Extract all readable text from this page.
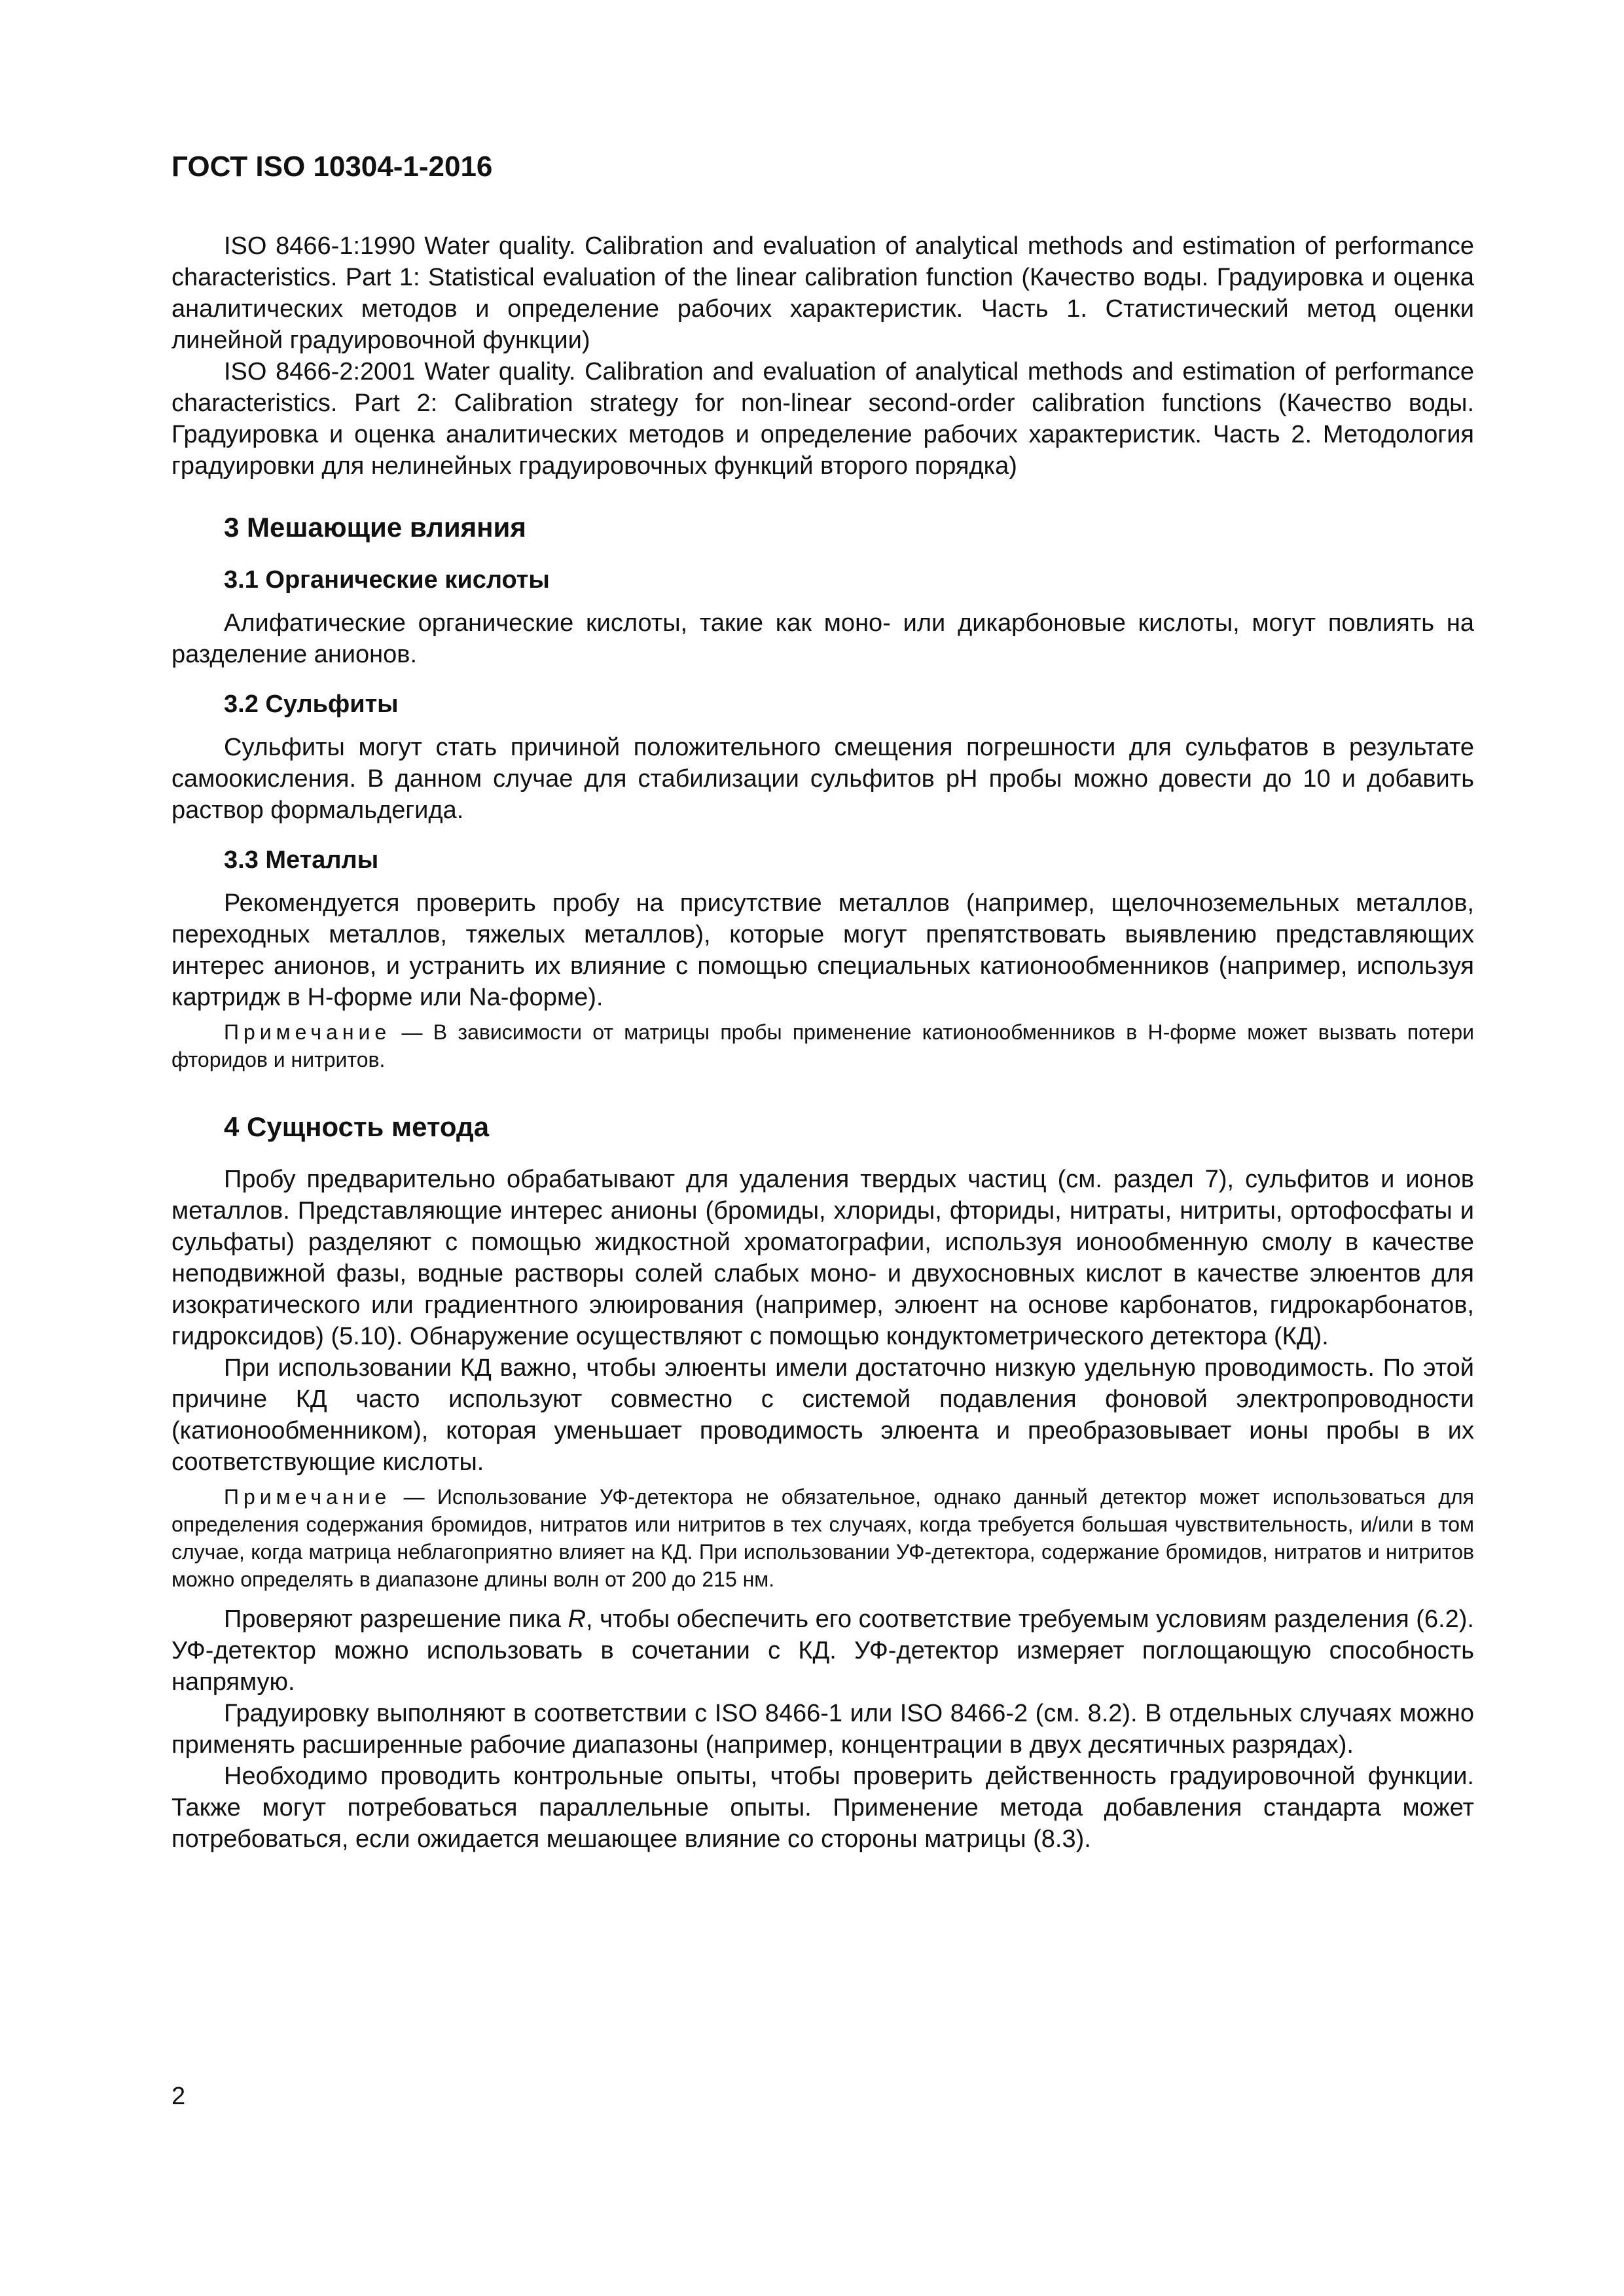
ГОСТ ISO 10304-1-2016

ISO 8466-1:1990 Water quality. Calibration and evaluation of analytical methods and estimation of performance characteristics. Part 1: Statistical evaluation of the linear calibration function (Качество воды. Градуировка и оценка аналитических методов и определение рабочих характеристик. Часть 1. Статистический метод оценки линейной градуировочной функции)

ISO 8466-2:2001 Water quality. Calibration and evaluation of analytical methods and estimation of performance characteristics. Part 2: Calibration strategy for non-linear second-order calibration functions (Качество воды. Градуировка и оценка аналитических методов и определение рабочих характеристик. Часть 2. Методология градуировки для нелинейных градуировочных функций второго порядка)

3 Мешающие влияния
3.1 Органические кислоты

Алифатические органические кислоты, такие как моно- или дикарбоновые кислоты, могут повлиять на разделение анионов.

3.2 Сульфиты

Сульфиты могут стать причиной положительного смещения погрешности для сульфатов в результате самоокисления. В данном случае для стабилизации сульфитов pH пробы можно довести до 10 и добавить раствор формальдегида.

3.3 Металлы

Рекомендуется проверить пробу на присутствие металлов (например, щелочноземельных металлов, переходных металлов, тяжелых металлов), которые могут препятствовать выявлению представляющих интерес анионов, и устранить их влияние с помощью специальных катионообменников (например, используя картридж в H-форме или Na-форме).

Примечание — В зависимости от матрицы пробы применение катионообменников в H-форме может вызвать потери фторидов и нитритов.

4 Сущность метода

Пробу предварительно обрабатывают для удаления твердых частиц (см. раздел 7), сульфитов и ионов металлов. Представляющие интерес анионы (бромиды, хлориды, фториды, нитраты, нитриты, ортофосфаты и сульфаты) разделяют с помощью жидкостной хроматографии, используя ионообменную смолу в качестве неподвижной фазы, водные растворы солей слабых моно- и двухосновных кислот в качестве элюентов для изократического или градиентного элюирования (например, элюент на основе карбонатов, гидрокарбонатов, гидроксидов) (5.10). Обнаружение осуществляют с помощью кондуктометрического детектора (КД).

При использовании КД важно, чтобы элюенты имели достаточно низкую удельную проводимость. По этой причине КД часто используют совместно с системой подавления фоновой электропроводности (катионообменником), которая уменьшает проводимость элюента и преобразовывает ионы пробы в их соответствующие кислоты.

Примечание — Использование УФ-детектора не обязательное, однако данный детектор может использоваться для определения содержания бромидов, нитратов или нитритов в тех случаях, когда требуется большая чувствительность, и/или в том случае, когда матрица неблагоприятно влияет на КД. При использовании УФ-детектора, содержание бромидов, нитратов и нитритов можно определять в диапазоне длины волн от 200 до 215 нм.

Проверяют разрешение пика R, чтобы обеспечить его соответствие требуемым условиям разделения (6.2). УФ-детектор можно использовать в сочетании с КД. УФ-детектор измеряет поглощающую способность напрямую.

Градуировку выполняют в соответствии с ISO 8466-1 или ISO 8466-2 (см. 8.2). В отдельных случаях можно применять расширенные рабочие диапазоны (например, концентрации в двух десятичных разрядах).

Необходимо проводить контрольные опыты, чтобы проверить действенность градуировочной функции. Также могут потребоваться параллельные опыты. Применение метода добавления стандарта может потребоваться, если ожидается мешающее влияние со стороны матрицы (8.3).

2
